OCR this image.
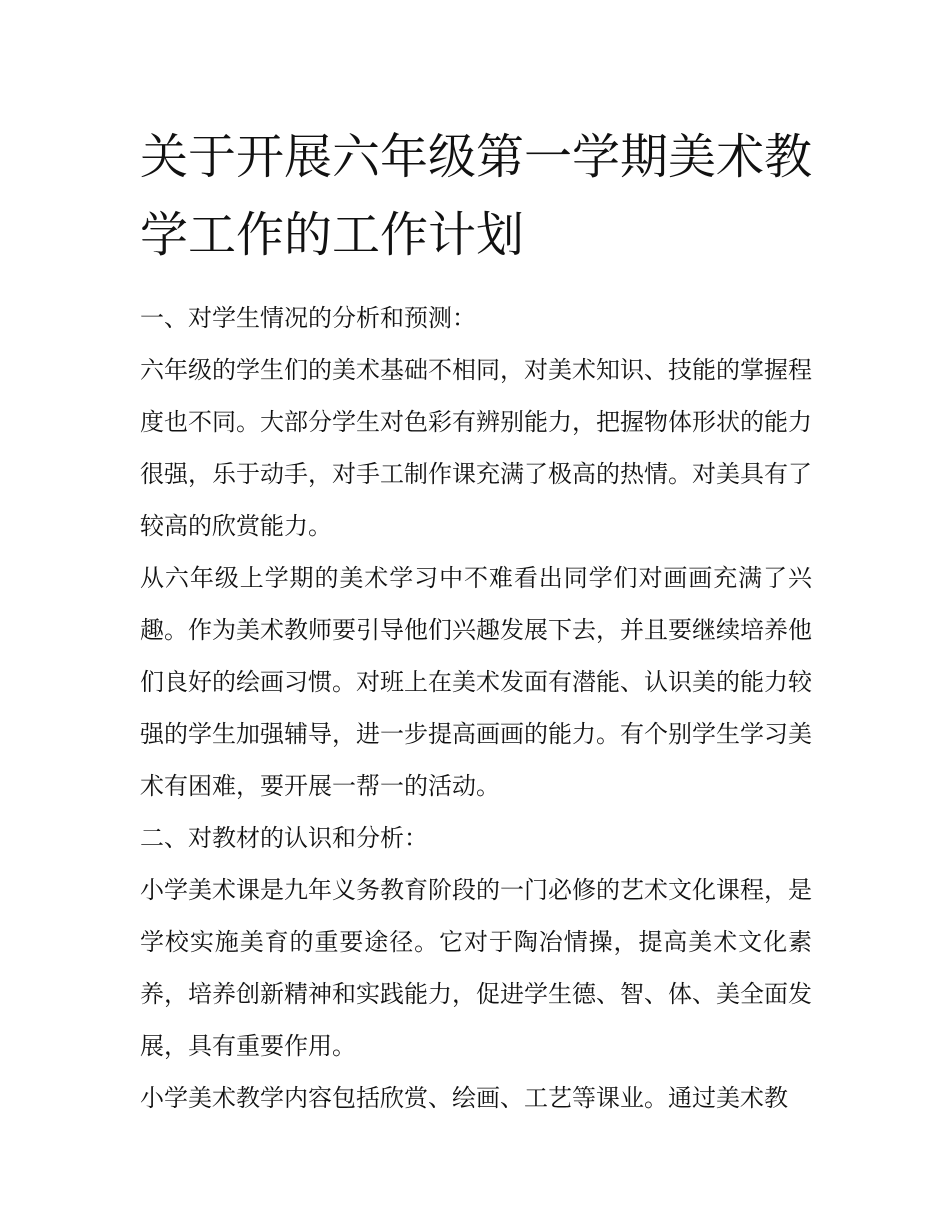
关于开展六年级第一学期美术教学工作的工作计划

一、对学生情况的分析和预测：

六年级的学生们的美术基础不相同，对美术知识、技能的掌握程度也不同。大部分学生对色彩有辨别能力，把握物体形状的能力很强，乐于动手，对手工制作课充满了极高的热情。对美具有了较高的欣赏能力。

从六年级上学期的美术学习中不难看出同学们对画画充满了兴趣。作为美术教师要引导他们兴趣发展下去，并且要继续培养他们良好的绘画习惯。对班上在美术发面有潜能、认识美的能力较强的学生加强辅导，进一步提高画画的能力。有个别学生学习美术有困难，要开展一帮一的活动。

二、对教材的认识和分析：

小学美术课是九年义务教育阶段的一门必修的艺术文化课程，是学校实施美育的重要途径。它对于陶冶情操，提高美术文化素养，培养创新精神和实践能力，促进学生德、智、体、美全面发展，具有重要作用。

小学美术教学内容包括欣赏、绘画、工艺等课业。通过美术教
